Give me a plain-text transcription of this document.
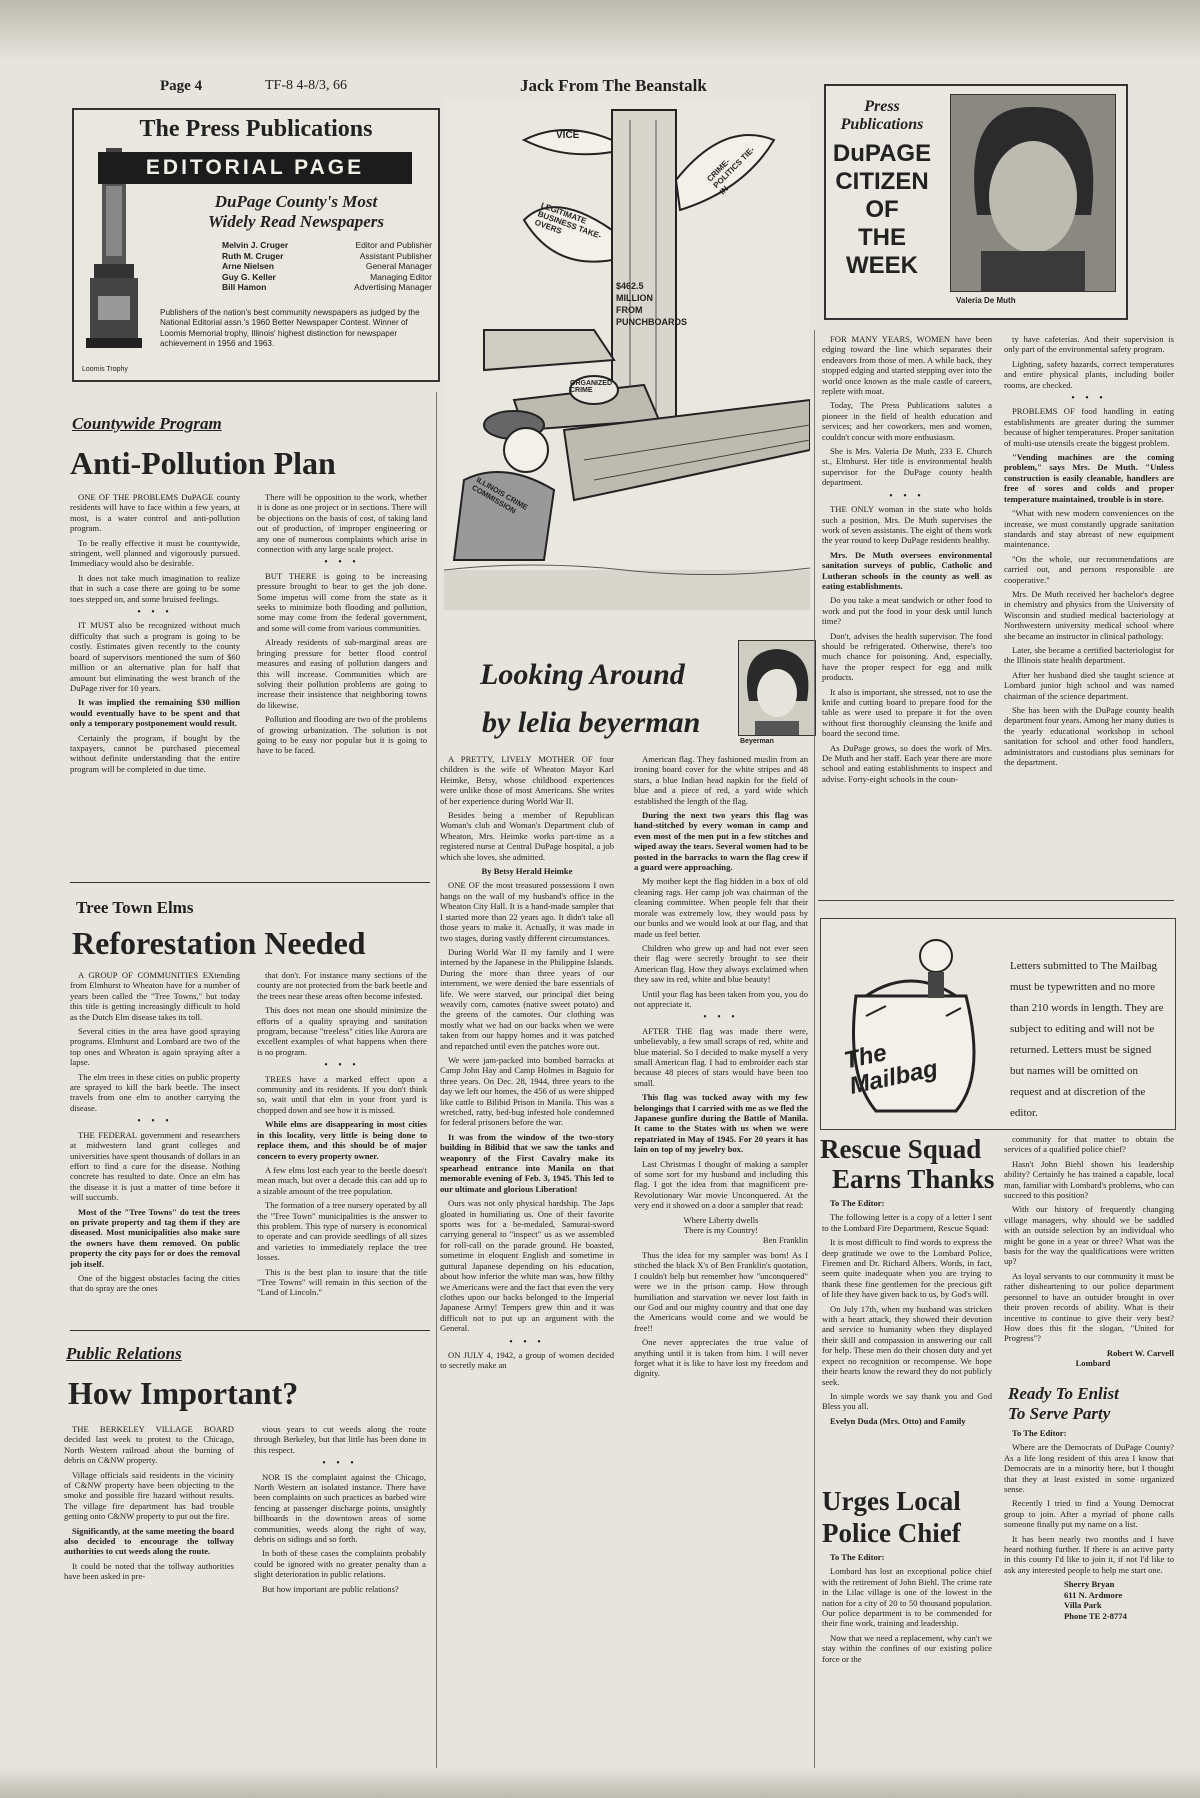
Page 4	TF-8 4-8/3, 66	Jack From The Beanstalk
Loomis Trophy
The Press Publications
EDITORIAL PAGE
DuPage County's Most
Widely Read Newspapers
Melvin J. Cruger	Editor and Publisher
Ruth M. Cruger	Assistant Publisher
Arne Nielsen	General Manager
Guy G. Keller	Managing Editor
Bill Hamon	Advertising Manager
Publishers of the nation's best community newspapers as judged by the National Editorial assn.'s 1960 Better Newspaper Contest. Winner of Loomis Memorial trophy, Illinois' highest distinction for newspaper achievement in 1956 and 1963.
Countywide Program
Anti-Pollution Plan

ONE OF THE PROBLEMS DuPAGE county residents will have to face within a few years, at most, is a water control and anti-pollution program.

To be really effective it must be countywide, stringent, well planned and vigorously pursued. Immediacy would also be desirable.

It does not take much imagination to realize that in such a case there are going to be some toes stepped on, and some bruised feelings.

• • •

IT MUST also be recognized without much difficulty that such a program is going to be costly. Estimates given recently to the county board of supervisors mentioned the sum of $60 million or an alternative plan for half that amount but eliminating the west branch of the DuPage river for 10 years.

It was implied the remaining $30 million would eventually have to be spent and that only a temporary postponement would result.

Certainly the program, if bought by the taxpayers, cannot be purchased piecemeal without definite understanding that the entire program will be completed in due time.

There will be opposition to the work, whether it is done as one project or in sections. There will be objections on the basis of cost, of taking land out of production, of improper engineering or any one of numerous complaints which arise in connection with any large scale project.

• • •

BUT THERE is going to be increasing pressure brought to bear to get the job done. Some impetus will come from the state as it seeks to minimize both flooding and pollution, some may come from the federal government, and some will come from various communities.

Already residents of sub-marginal areas are bringing pressure for better flood control measures and easing of pollution dangers and this will increase. Communities which are solving their pollution problems are going to increase their insistence that neighboring towns do likewise.

Pollution and flooding are two of the problems of growing urbanization. The solution is not going to be easy nor popular but it is going to have to be faced.

Tree Town Elms
Reforestation Needed

A GROUP OF COMMUNITIES EXtending from Elmhurst to Wheaton have for a number of years been called the "Tree Towns," but today this title is getting increasingly difficult to hold as the Dutch Elm disease takes its toll.

Several cities in the area have good spraying programs. Elmhurst and Lombard are two of the top ones and Wheaton is again spraying after a lapse.

The elm trees in these cities on public property are sprayed to kill the bark beetle. The insect travels from one elm to another carrying the disease.

• • •

THE FEDERAL government and researchers at midwestern land grant colleges and universities have spent thousands of dollars in an effort to find a cure for the disease. Nothing concrete has resulted to date. Once an elm has the disease it is just a matter of time before it will succumb.

Most of the "Tree Towns" do test the trees on private property and tag them if they are diseased. Most municipalities also make sure the owners have them removed. On public property the city pays for or does the removal job itself.

One of the biggest obstacles facing the cities that do spray are the ones

that don't. For instance many sections of the county are not protected from the bark beetle and the trees near these areas often become infested.

This does not mean one should minimize the efforts of a quality spraying and sanitation program, because "treeless" cities like Aurora are excellent examples of what happens when there is no program.

• • •

TREES have a marked effect upon a community and its residents. If you don't think so, wait until that elm in your front yard is chopped down and see how it is missed.

While elms are disappearing in most cities in this locality, very little is being done to replace them, and this should be of major concern to every property owner.

A few elms lost each year to the beetle doesn't mean much, but over a decade this can add up to a sizable amount of the tree population.

The formation of a tree nursery operated by all the "Tree Town" municipalities is the answer to this problem. This type of nursery is economical to operate and can provide seedlings of all sizes and varieties to immediately replace the tree losses.

This is the best plan to insure that the title "Tree Towns" will remain in this section of the "Land of Lincoln."

Public Relations
How Important?

THE BERKELEY VILLAGE BOARD decided last week to protest to the Chicago, North Western railroad about the burning of debris on C&NW property.

Village officials said residents in the vicinity of C&NW property have been objecting to the smoke and possible fire hazard without results. The village fire department has had trouble getting onto C&NW property to put out the fire.

Significantly, at the same meeting the board also decided to encourage the tollway authorities to cut weeds along the route.

It could be noted that the tollway authorities have been asked in pre-

vious years to cut weeds along the route through Berkeley, but that little has been done in this respect.

• • •

NOR IS the complaint against the Chicago, North Western an isolated instance. There have been complaints on such practices as barbed wire fencing at passenger discharge points, unsightly billboards in the downtown areas of some communities, weeds along the right of way, debris on sidings and so forth.

In both of these cases the complaints probably could be ignored with no greater penalty than a slight deterioration in public relations.

But how important are public relations?

VICE
CRIME-POLITICS TIE-IN
LEGITIMATE BUSINESS TAKE-OVERS
$462.5 MILLION FROM PUNCHBOARDS
ORGANIZED CRIME
ILLINOIS CRIME COMMISSION
Looking Around
by lelia beyerman
Beyerman

A PRETTY, LIVELY MOTHER OF four children is the wife of Wheaton Mayor Karl Heimke, Betsy, whose childhood experiences were unlike those of most Americans. She writes of her experience during World War II.

Besides being a member of Republican Woman's club and Woman's Department club of Wheaton, Mrs. Heimke works part-time as a registered nurse at Central DuPage hospital, a job which she loves, she admitted.

By Betsy Herald Heimke

ONE OF the most treasured possessions I own hangs on the wall of my husband's office in the Wheaton City Hall. It is a hand-made sampler that I started more than 22 years ago. It didn't take all those years to make it. Actually, it was made in two stages, during vastly different circumstances.

During World War II my family and I were interned by the Japanese in the Philippine Islands. During the more than three years of our internment, we were denied the bare essentials of life. We were starved, our principal diet being weavily corn, camotes (native sweet potato) and the greens of the camotes. Our clothing was mostly what we had on our backs when we were taken from our happy homes and it was patched and repatched until even the patches wore out.

We were jam-packed into bombed barracks at Camp John Hay and Camp Holmes in Baguio for three years. On Dec. 28, 1944, three years to the day we left our homes, the 456 of us were shipped like cattle to Bilibid Prison in Manila. This was a wretched, ratty, bed-bug infested hole condemned for federal prisoners before the war.

It was from the window of the two-story building in Bilibid that we saw the tanks and weaponry of the First Cavalry make its spearhead entrance into Manila on that memorable evening of Feb. 3, 1945. This led to our ultimate and glorious Liberation!

Ours was not only physical hardship. The Japs gloated in humiliating us. One of their favorite sports was for a be-medaled, Samurai-sword carrying general to "inspect" us as we assembled for roll-call on the parade ground. He boasted, sometime in eloquent English and sometime in guttural Japanese depending on his education, about how inferior the white man was, how filthy we Americans were and the fact that even the very clothes upon our backs belonged to the Imperial Japanese Army! Tempers grew thin and it was difficult not to put up an argument with the General.

• • •

ON JULY 4, 1942, a group of women decided to secretly make an

American flag. They fashioned muslin from an ironing board cover for the white stripes and 48 stars, a blue Indian head napkin for the field of blue and a piece of red, a yard wide which established the length of the flag.

During the next two years this flag was hand-stitched by every woman in camp and even most of the men put in a few stitches and wiped away the tears. Several women had to be posted in the barracks to warn the flag crew if a guard were approaching.

My mother kept the flag hidden in a box of old cleaning rags. Her camp job was chairman of the cleaning committee. When people felt that their morale was extremely low, they would pass by our bunks and we would look at our flag, and that made us feel better.

Children who grew up and had not ever seen their flag were secretly brought to see their American flag. How they always exclaimed when they saw its red, white and blue beauty!

Until your flag has been taken from you, you do not appreciate it.

• • •

AFTER THE flag was made there were, unbelievably, a few small scraps of red, white and blue material. So I decided to make myself a very small American flag. I had to embroider each star because 48 pieces of stars would have been too small.

This flag was tucked away with my few belongings that I carried with me as we fled the Japanese gunfire during the Battle of Manila. It came to the States with us when we were repatriated in May of 1945. For 20 years it has lain on top of my jewelry box.

Last Christmas I thought of making a sampler of some sort for my husband and including this flag. I got the idea from that magnificent pre-Revolutionary War movie Unconquered. At the very end it showed on a door a sampler that read:

Where Liberty dwells

There is my Country!

Ben Franklin

Thus the idea for my sampler was born! As I stitched the black X's of Ben Franklin's quotation, I couldn't help but remember how "unconquered" were we in the prison camp. How through humiliation and starvation we never lost faith in our God and our mighty country and that one day the Americans would come and we would be free!!

One never appreciates the true value of anything until it is taken from him. I will never forget what it is like to have lost my freedom and dignity.

Press
Publications
DuPAGE
CITIZEN
OF
THE
WEEK
Valeria De Muth

FOR MANY YEARS, WOMEN have been edging toward the line which separates their endeavors from those of men. A while back, they stopped edging and started stepping over into the world once known as the male castle of careers, replete with moat.

Today, The Press Publications salutes a pioneer in the field of health education and services; and her coworkers, men and women, couldn't concur with more enthusiasm.

She is Mrs. Valeria De Muth, 233 E. Church st., Elmhurst. Her title is environmental health supervisor for the DuPage county health department.

• • •

THE ONLY woman in the state who holds such a position, Mrs. De Muth supervises the work of seven assistants. The eight of them work the year round to keep DuPage residents healthy.

Mrs. De Muth oversees environmental sanitation surveys of public, Catholic and Lutheran schools in the county as well as eating establishments.

Do you take a meat sandwich or other food to work and put the food in your desk until lunch time?

Don't, advises the health supervisor. The food should be refrigerated. Otherwise, there's too much chance for poisoning. And, especially, have the proper respect for egg and milk products.

It also is important, she stressed, not to use the knife and cutting board to prepare food for the table as were used to prepare it for the oven without first thoroughly cleansing the knife and board the second time.

As DuPage grows, so does the work of Mrs. De Muth and her staff. Each year there are more school and eating establishments to inspect and advise. Forty-eight schools in the coun-

ty have cafeterias. And their supervision is only part of the environmental safety program.

Lighting, safety hazards, correct temperatures and entire physical plants, including boiler rooms, are checked.

• • •

PROBLEMS OF food handling in eating establishments are greater during the summer because of higher temperatures. Proper sanitation of multi-use utensils create the biggest problem.

"Vending machines are the coming problem," says Mrs. De Muth. "Unless construction is easily cleanable, handlers are free of sores and colds and proper temperature maintained, trouble is in store.

"What with new modern conveniences on the increase, we must constantly upgrade sanitation standards and stay abreast of new equipment maintenance.

"On the whole, our recommendations are carried out, and persons responsible are cooperative."

Mrs. De Muth received her bachelor's degree in chemistry and physics from the University of Wisconsin and studied medical bacteriology at Northwestern university medical school where she became an instructor in clinical pathology.

Later, she became a certified bacteriologist for the Illinois state health department.

After her husband died she taught science at Lombard junior high school and was named chairman of the science department.

She has been with the DuPage county health department four years. Among her many duties is the yearly educational workshop in school sanitation for school and other food handlers, administrators and custodians plus seminars for the department.

The Mailbag
Letters submitted to The Mailbag must be typewritten and no more than 210 words in length. They are subject to editing and will not be returned. Letters must be signed but names will be omitted on request and at discretion of the editor.
Rescue Squad
Earns Thanks

To The Editor:

The following letter is a copy of a letter I sent to the Lombard Fire Department, Rescue Squad:

It is most difficult to find words to express the deep gratitude we owe to the Lombard Police, Firemen and Dr. Richard Albers. Words, in fact, seem quite inadequate when you are trying to thank these fine gentlemen for the precious gift of life they have given back to us, by God's will.

On July 17th, when my husband was stricken with a heart attack, they showed their devotion and service to humanity when they displayed their skill and compassion in answering our call for help. These men do their chosen duty and yet expect no recognition or recompense. We hope their hearts know the reward they do not publicly seek.

In simple words we say thank you and God Bless you all.

Evelyn Duda (Mrs. Otto) and Family

Urges Local
Police Chief

To The Editor:

Lombard has lost an exceptional police chief with the retirement of John Biehl. The crime rate in the Lilac village is one of the lowest in the nation for a city of 20 to 50 thousand population. Our police department is to be commended for their fine work, training and leadership.

Now that we need a replacement, why can't we stay within the confines of our existing police force or the

community for that matter to obtain the services of a qualified police chief?

Hasn't John Biehl shown his leadership ability? Certainly he has trained a capable, local man, familiar with Lombard's problems, who can succeed to this position?

With our history of frequently changing village managers, why should we be saddled with an outside selection by an individual who might be gone in a year or three? What was the basis for the way the qualifications were written up?

As loyal servants to our community it must be rather disheartening to our police department personnel to have an outsider brought in over their proven records of ability. What is their incentive to continue to give their very best? How does this fit the slogan, "United for Progress"?

Robert W. Carvell

Lombard

Ready To Enlist
To Serve Party

To The Editor:

Where are the Democrats of DuPage County? As a life long resident of this area I know that Democrats are in a minority here, but I thought that they at least existed in some organized sense.

Recently I tried to find a Young Democrat group to join. After a myriad of phone calls someone finally put my name on a list.

It has been nearly two months and I have heard nothing further. If there is an active party in this county I'd like to join it, if not I'd like to ask any interested people to help me start one.

Sherry Bryan
611 N. Ardmore
Villa Park
Phone TE 2-8774
